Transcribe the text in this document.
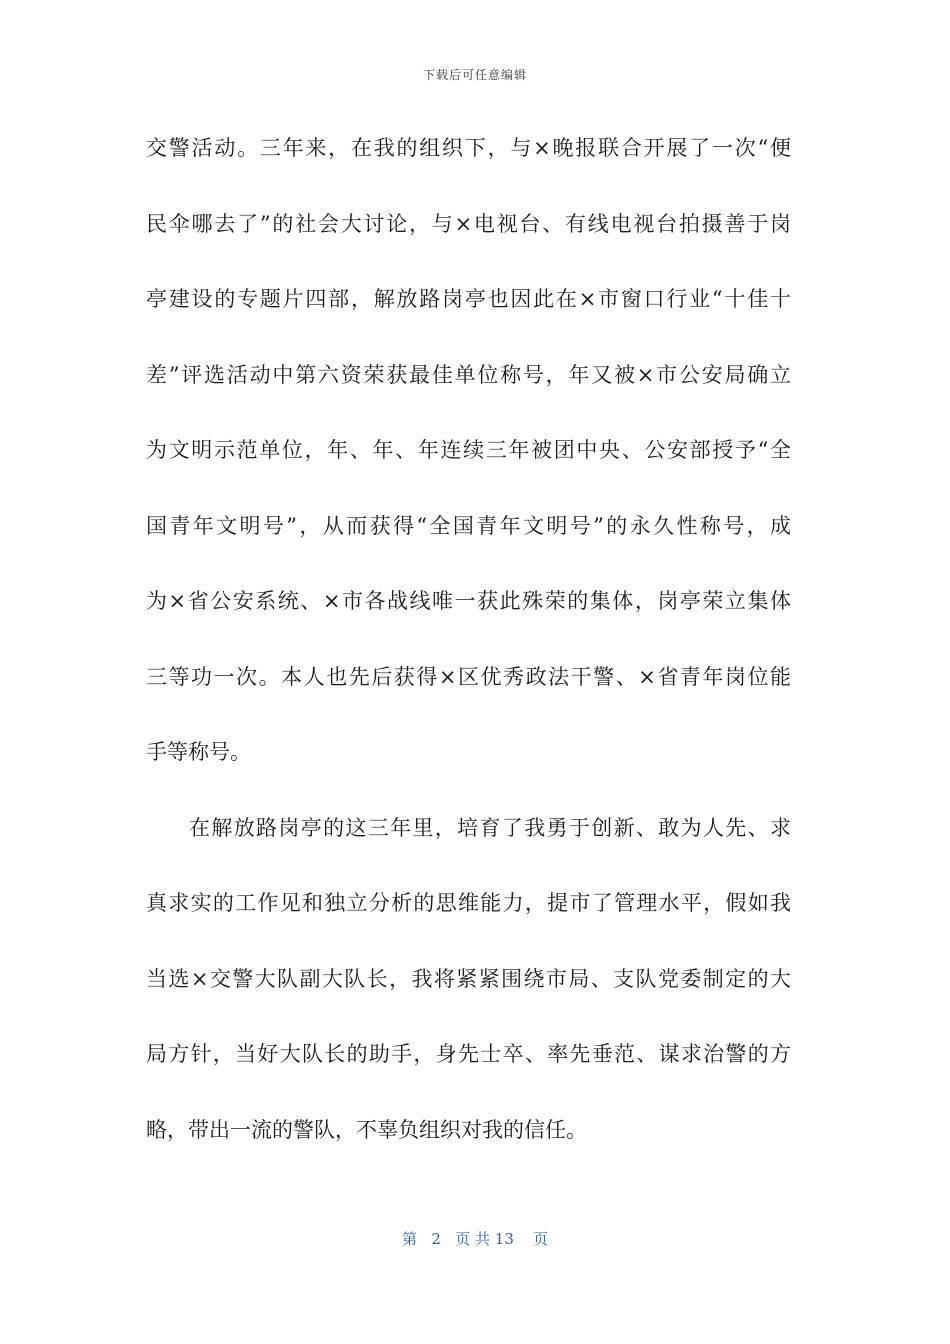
下载后可任意编辑
交警活动。三年来，在我的组织下，与×晚报联合开展了一次“便
民伞哪去了”的社会大讨论，与×电视台、有线电视台拍摄善于岗
亭建设的专题片四部，解放路岗亭也因此在×市窗口行业“十佳十
差”评选活动中第六资荣获最佳单位称号，年又被×市公安局确立
为文明示范单位，年、年、年连续三年被团中央、公安部授予“全
国青年文明号”，从而获得“全国青年文明号”的永久性称号，成
为×省公安系统、×市各战线唯一获此殊荣的集体，岗亭荣立集体
三等功一次。本人也先后获得×区优秀政法干警、×省青年岗位能
手等称号。
在解放路岗亭的这三年里，培育了我勇于创新、敢为人先、求
真求实的工作见和独立分析的思维能力，提市了管理水平，假如我
当选×交警大队副大队长，我将紧紧围绕市局、支队党委制定的大
局方针，当好大队长的助手，身先士卒、率先垂范、谋求治警的方
略，带出一流的警队，不辜负组织对我的信任。
第 2 页 共 13 页
